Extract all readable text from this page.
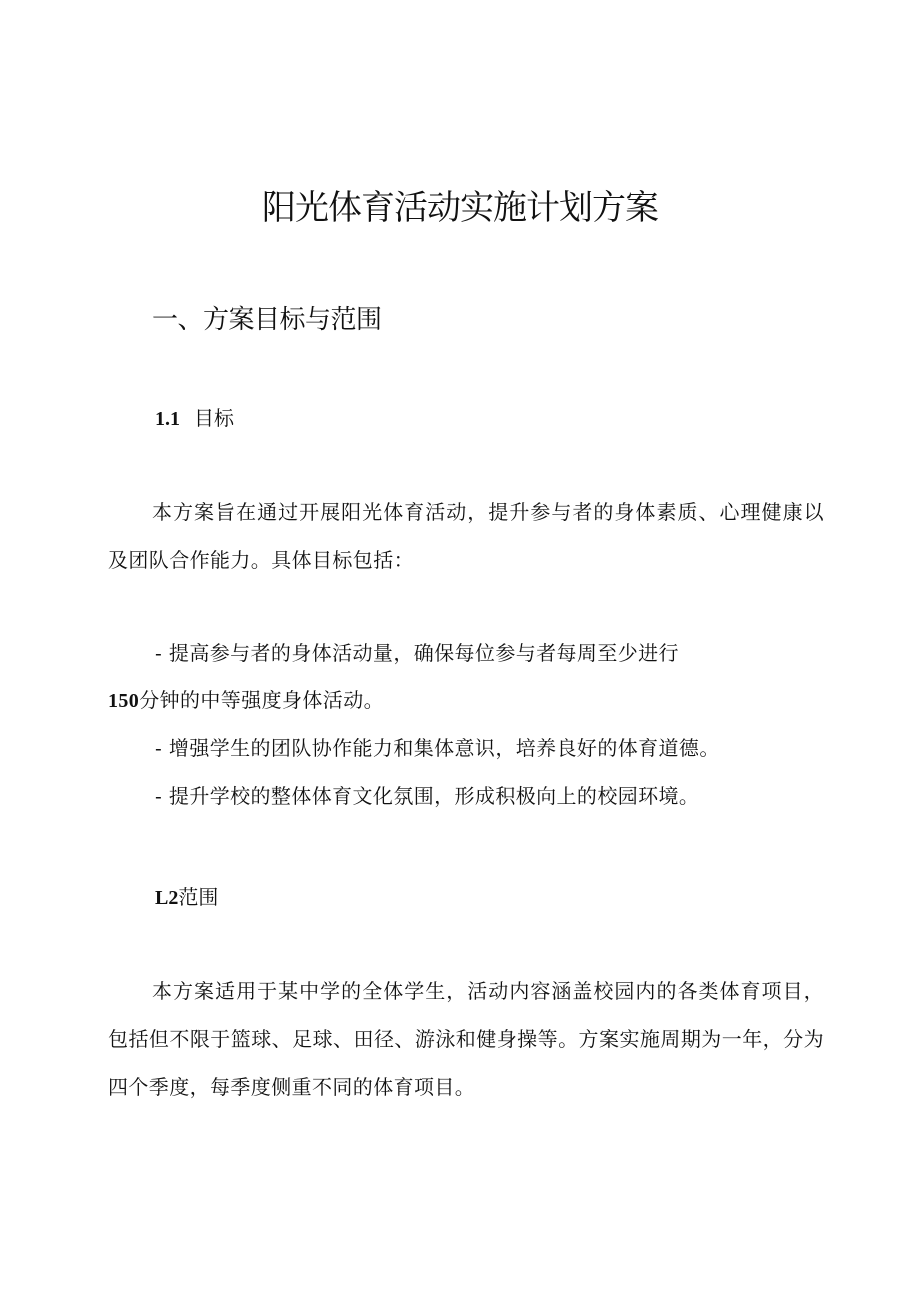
阳光体育活动实施计划方案
一、方案目标与范围
1.1 目标

本方案旨在通过开展阳光体育活动，提升参与者的身体素质、心理健康以及团队合作能力。具体目标包括：

- 提高参与者的身体活动量，确保每位参与者每周至少进行

150分钟的中等强度身体活动。

- 增强学生的团队协作能力和集体意识，培养良好的体育道德。

- 提升学校的整体体育文化氛围，形成积极向上的校园环境。

L2范围

本方案适用于某中学的全体学生，活动内容涵盖校园内的各类体育项目，包括但不限于篮球、足球、田径、游泳和健身操等。方案实施周期为一年，分为四个季度，每季度侧重不同的体育项目。
